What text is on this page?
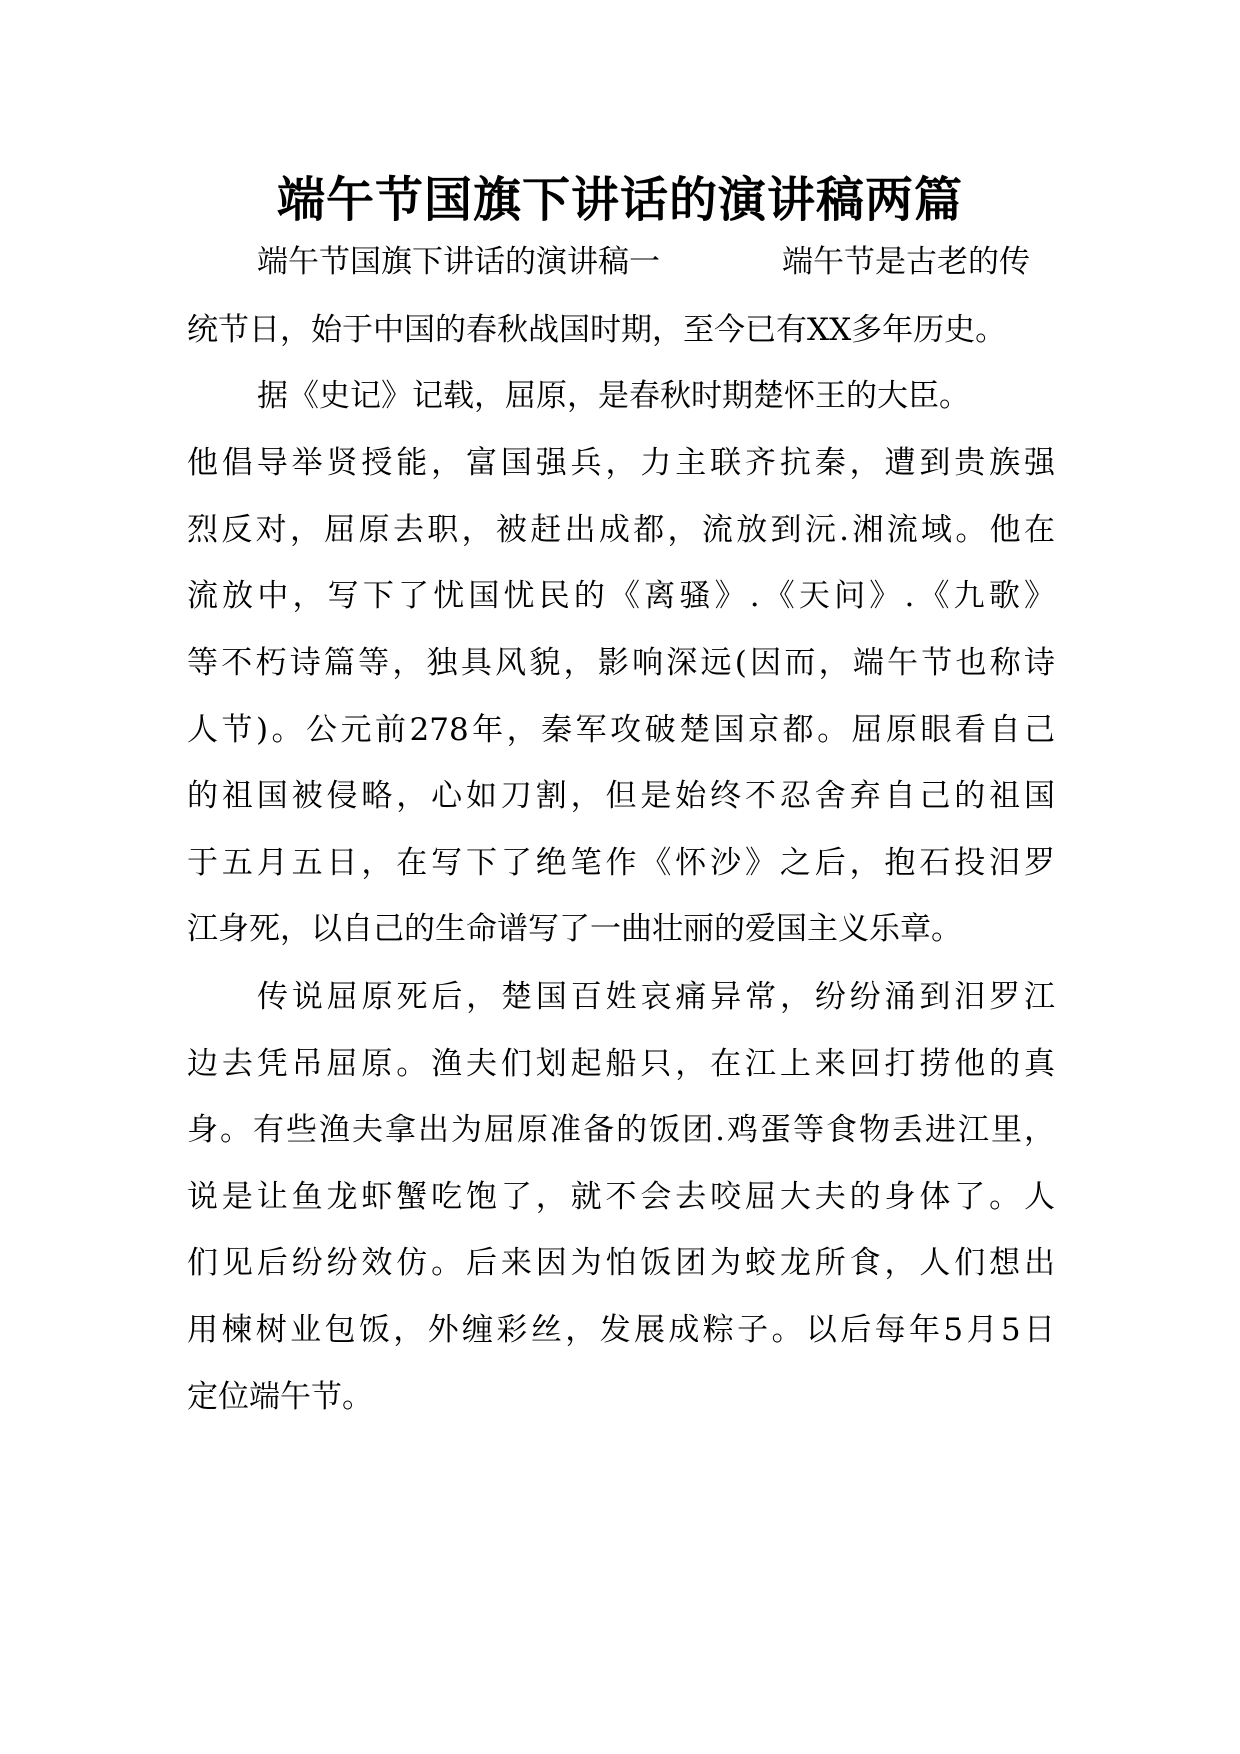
端午节国旗下讲话的演讲稿两篇
端午节国旗下讲话的演讲稿一	端午节是古老的传
统节日，始于中国的春秋战国时期，至今已有XX多年历史。
据《史记》记载，屈原，是春秋时期楚怀王的大臣。
他倡导举贤授能，富国强兵，力主联齐抗秦，遭到贵族强
烈反对，屈原去职，被赶出成都，流放到沅.湘流域。他在
流放中，写下了忧国忧民的《离骚》.《天问》.《九歌》
等不朽诗篇等，独具风貌，影响深远(因而，端午节也称诗
人节)。公元前278年，秦军攻破楚国京都。屈原眼看自己
的祖国被侵略，心如刀割，但是始终不忍舍弃自己的祖国
于五月五日，在写下了绝笔作《怀沙》之后，抱石投汨罗
江身死，以自己的生命谱写了一曲壮丽的爱国主义乐章。
传说屈原死后，楚国百姓哀痛异常，纷纷涌到汨罗江
边去凭吊屈原。渔夫们划起船只，在江上来回打捞他的真
身。有些渔夫拿出为屈原准备的饭团.鸡蛋等食物丢进江里，
说是让鱼龙虾蟹吃饱了，就不会去咬屈大夫的身体了。人
们见后纷纷效仿。后来因为怕饭团为蛟龙所食，人们想出
用楝树业包饭，外缠彩丝，发展成粽子。以后每年5月5日
定位端午节。
